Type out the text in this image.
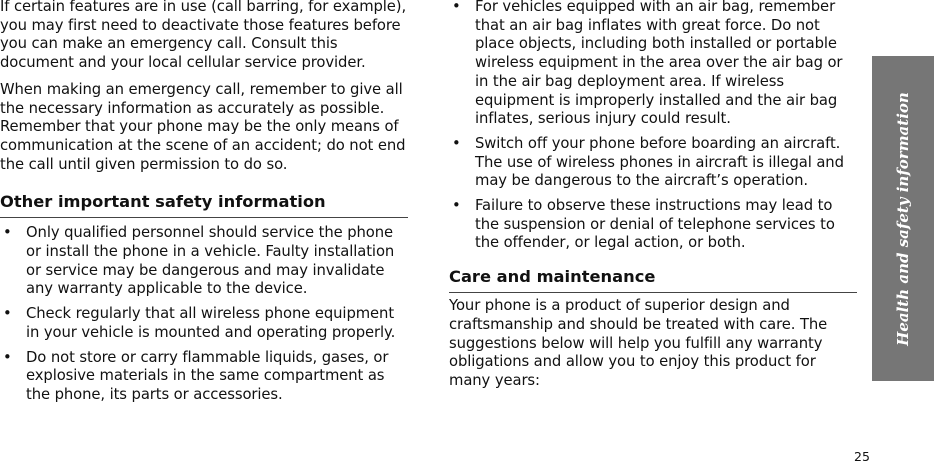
If certain features are in use (call barring, for example), you may first need to deactivate those features before you can make an emergency call. Consult this document and your local cellular service provider.

When making an emergency call, remember to give all the necessary information as accurately as possible. Remember that your phone may be the only means of communication at the scene of an accident; do not end the call until given permission to do so.

Other important safety information
• Only qualified personnel should service the phone or install the phone in a vehicle. Faulty installation or service may be dangerous and may invalidate any warranty applicable to the device.
• Check regularly that all wireless phone equipment in your vehicle is mounted and operating properly.
• Do not store or carry flammable liquids, gases, or explosive materials in the same compartment as the phone, its parts or accessories.
• For vehicles equipped with an air bag, remember that an air bag inflates with great force. Do not place objects, including both installed or portable wireless equipment in the area over the air bag or in the air bag deployment area. If wireless equipment is improperly installed and the air bag inflates, serious injury could result.
• Switch off your phone before boarding an aircraft. The use of wireless phones in aircraft is illegal and may be dangerous to the aircraft’s operation.
• Failure to observe these instructions may lead to the suspension or denial of telephone services to the offender, or legal action, or both.
Care and maintenance

Your phone is a product of superior design and craftsmanship and should be treated with care. The suggestions below will help you fulfill any warranty obligations and allow you to enjoy this product for many years:

Health and safety information
25
